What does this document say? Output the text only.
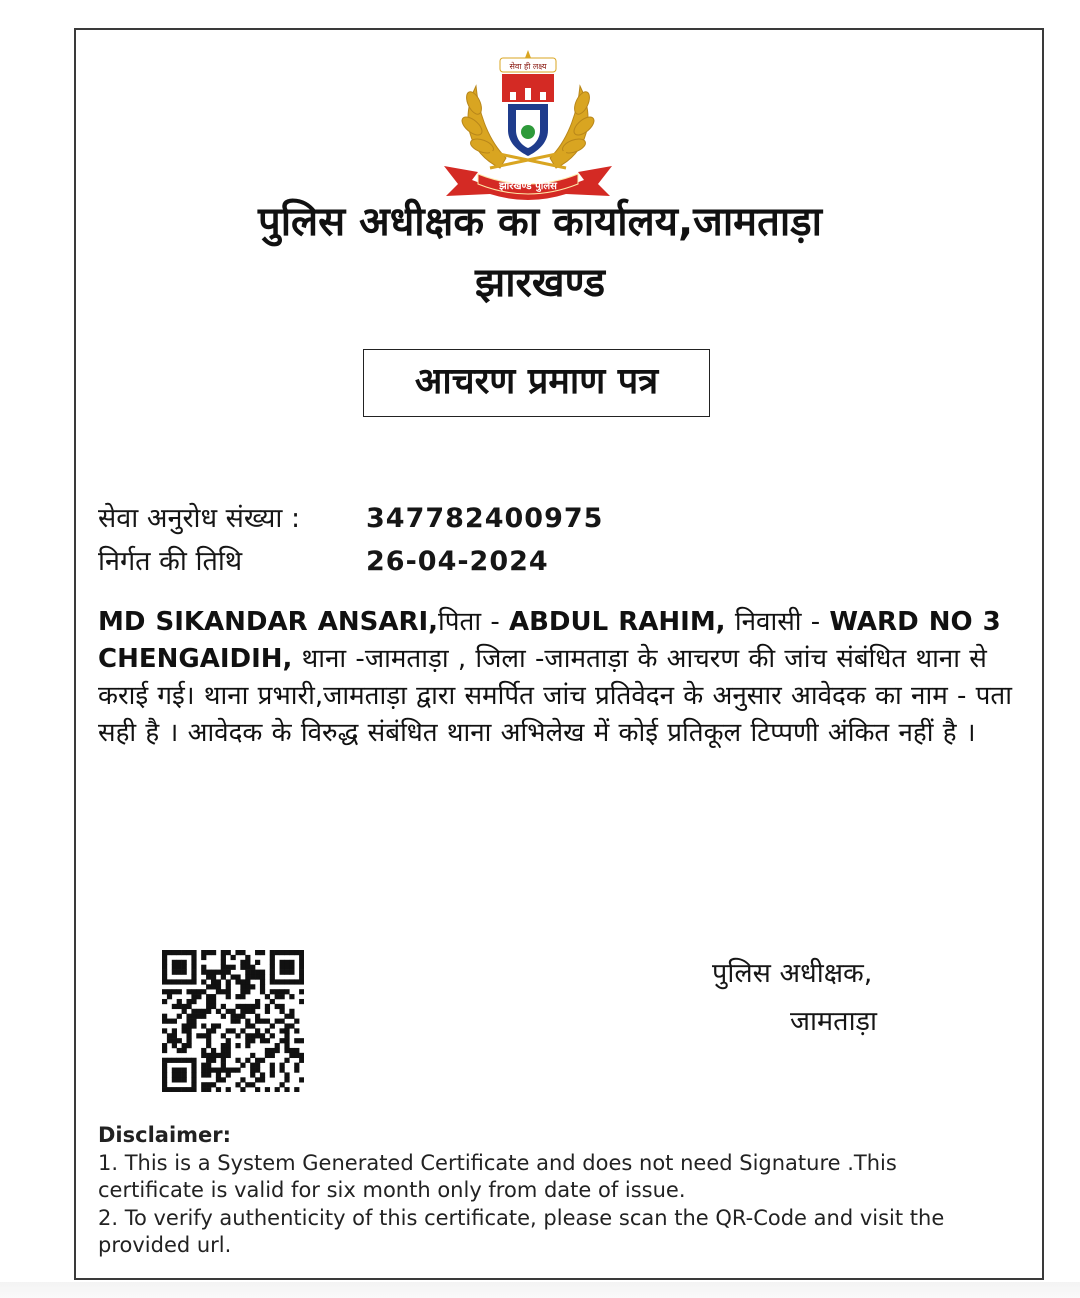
सेवा ही लक्ष्य
झारखण्ड पुलिस
पुलिस अधीक्षक का कार्यालय,जामताड़ा
झारखण्ड
आचरण प्रमाण पत्र
सेवा अनुरोध संख्या : 347782400975
निर्गत की तिथि	26-04-2024
MD SIKANDAR ANSARI,पिता - ABDUL RAHIM, निवासी - WARD NO 3 CHENGAIDIH, थाना -जामताड़ा , जिला -जामताड़ा के आचरण की जांच संबंधित थाना से कराई गई। थाना प्रभारी,जामताड़ा द्वारा समर्पित जांच प्रतिवेदन के अनुसार आवेदक का नाम - पता सही है । आवेदक के विरुद्ध संबंधित थाना अभिलेख में कोई प्रतिकूल टिप्पणी अंकित नहीं है ।
पुलिस अधीक्षक,
जामताड़ा
Disclaimer:
1. This is a System Generated Certificate and does not need Signature .This certificate is valid for six month only from date of issue.
2. To verify authenticity of this certificate, please scan the QR-Code and visit the provided url.
